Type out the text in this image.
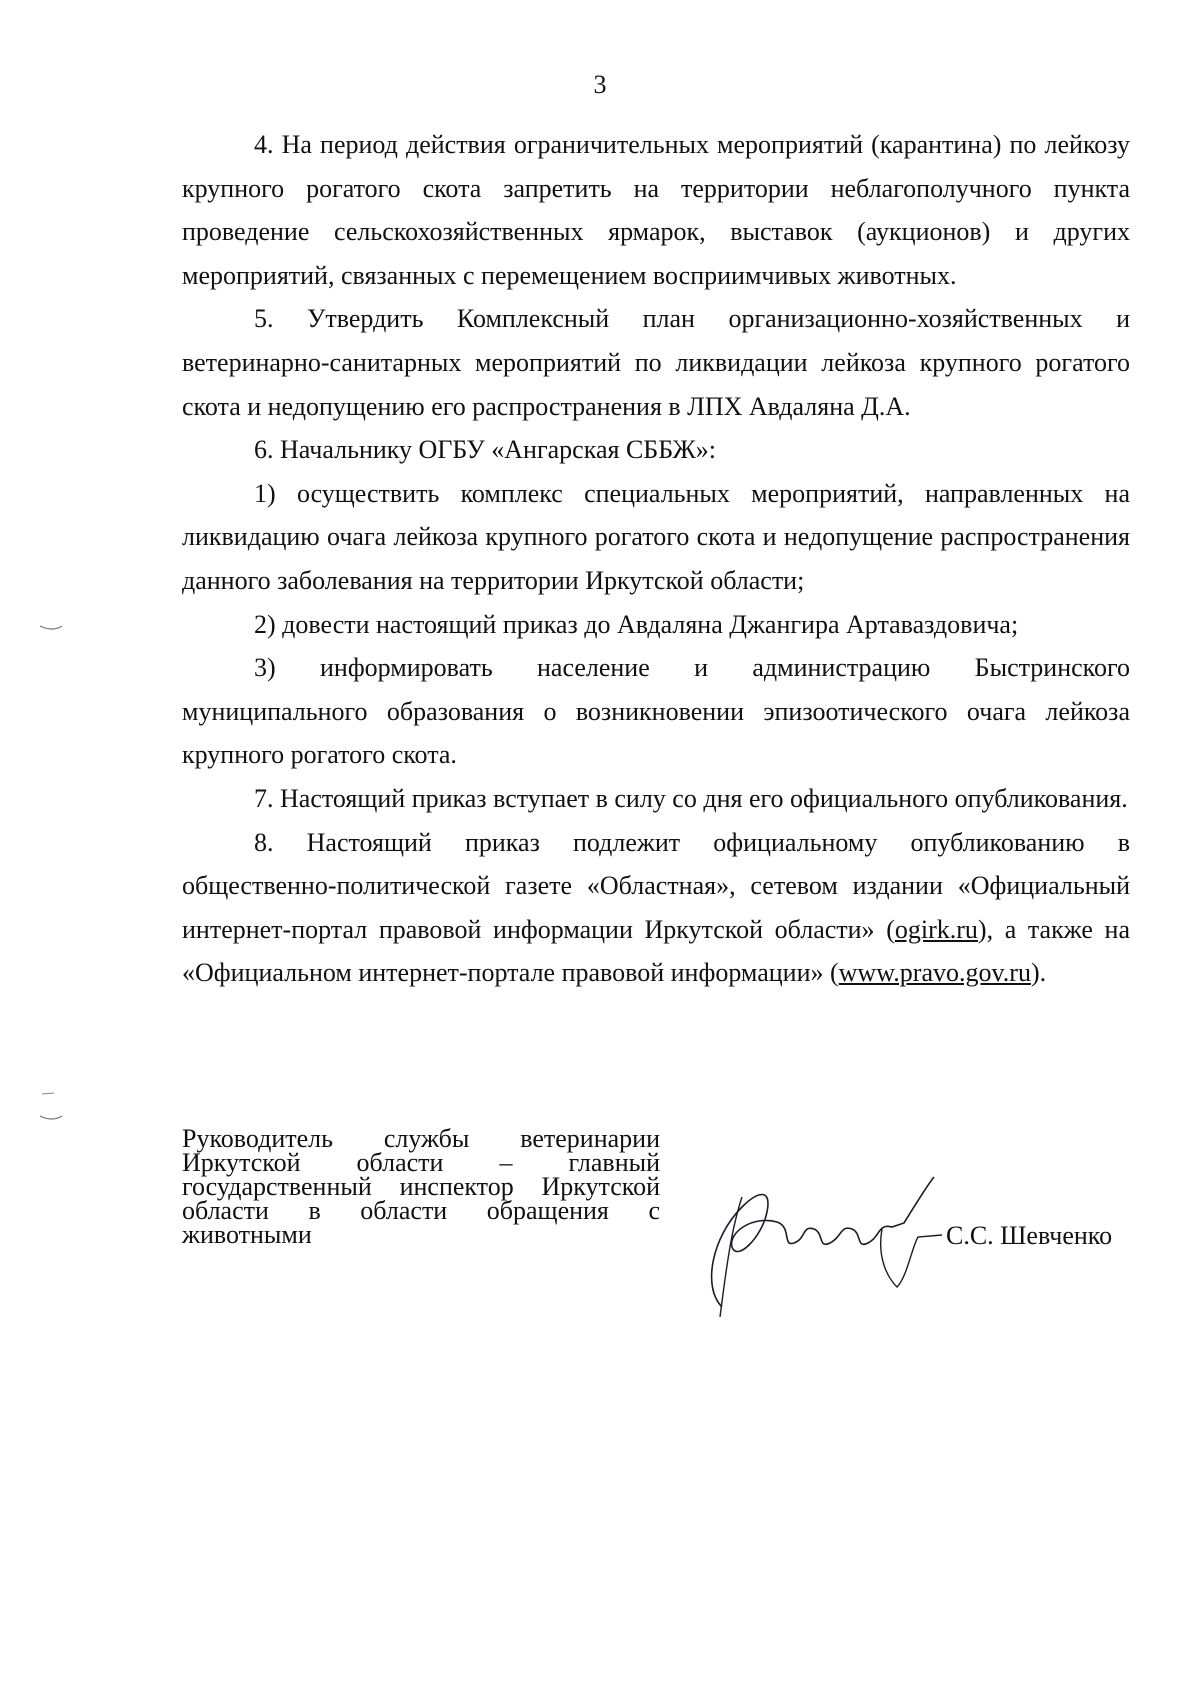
3

4. На период действия ограничительных мероприятий (карантина) по лейкозу крупного рогатого скота запретить на территории неблагополучного пункта проведение сельскохозяйственных ярмарок, выставок (аукционов) и других мероприятий, связанных с перемещением восприимчивых животных.

5. Утвердить Комплексный план организационно-хозяйственных и ветеринарно-санитарных мероприятий по ликвидации лейкоза крупного рогатого скота и недопущению его распространения в ЛПХ Авдаляна Д.А.

6. Начальнику ОГБУ «Ангарская СББЖ»:

1) осуществить комплекс специальных мероприятий, направленных на ликвидацию очага лейкоза крупного рогатого скота и недопущение распространения данного заболевания на территории Иркутской области;

2) довести настоящий приказ до Авдаляна Джангира Артаваздовича;

3) информировать население и администрацию Быстринского муниципального образования о возникновении эпизоотического очага лейкоза крупного рогатого скота.

7. Настоящий приказ вступает в силу со дня его официального опубликования.

8. Настоящий приказ подлежит официальному опубликованию в общественно-политической газете «Областная», сетевом издании «Официальный интернет-портал правовой информации Иркутской области» (ogirk.ru), а также на «Официальном интернет-портале правовой информации» (www.pravo.gov.ru).

Руководитель службы ветеринарии Иркутской области – главный государственный инспектор Иркутской области в области обращения с животными	С.С. Шевченко
